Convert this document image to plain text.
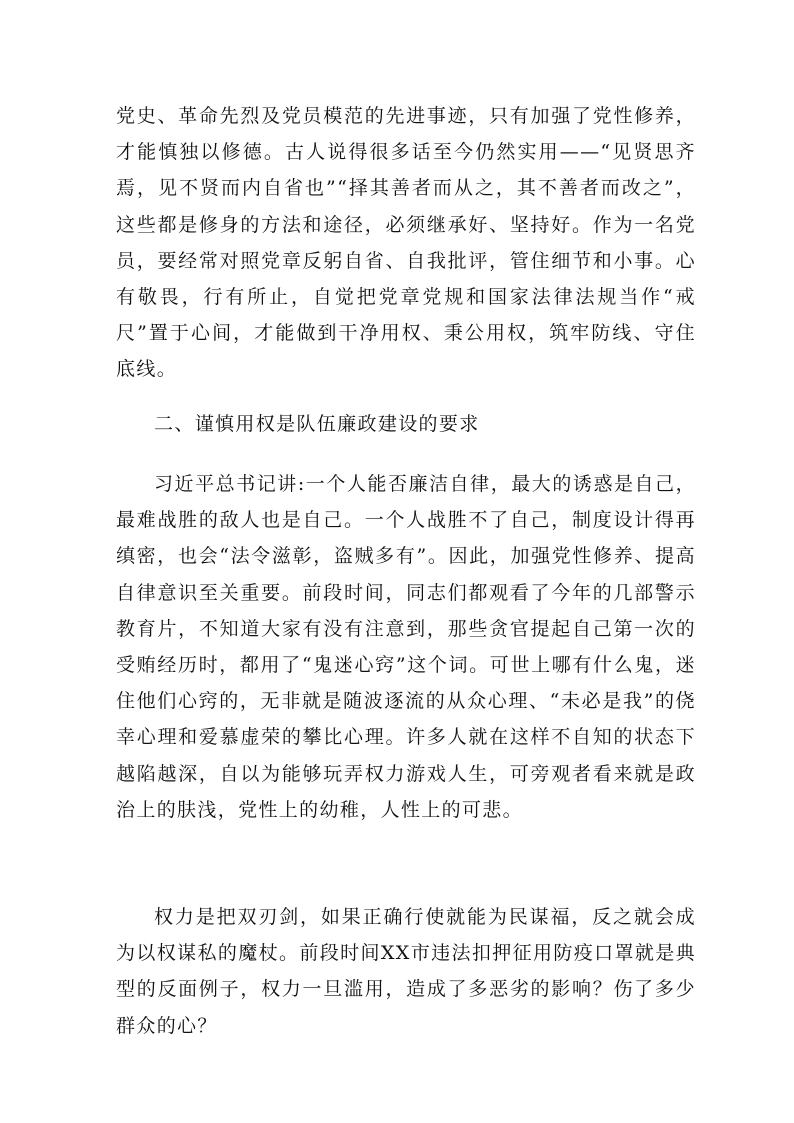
党史、革命先烈及党员模范的先进事迹，只有加强了党性修养，才能慎独以修德。古人说得很多话至今仍然实用——“见贤思齐焉，见不贤而内自省也”“择其善者而从之，其不善者而改之”，这些都是修身的方法和途径，必须继承好、坚持好。作为一名党员，要经常对照党章反躬自省、自我批评，管住细节和小事。心有敬畏，行有所止，自觉把党章党规和国家法律法规当作“戒尺”置于心间，才能做到干净用权、秉公用权，筑牢防线、守住底线。

二、谨慎用权是队伍廉政建设的要求

习近平总书记讲:一个人能否廉洁自律，最大的诱惑是自己，最难战胜的敌人也是自己。一个人战胜不了自己，制度设计得再缜密，也会“法令滋彰，盗贼多有”。因此，加强党性修养、提高自律意识至关重要。前段时间，同志们都观看了今年的几部警示教育片，不知道大家有没有注意到，那些贪官提起自己第一次的受贿经历时，都用了“鬼迷心窍”这个词。可世上哪有什么鬼，迷住他们心窍的，无非就是随波逐流的从众心理、“未必是我”的侥幸心理和爱慕虚荣的攀比心理。许多人就在这样不自知的状态下越陷越深，自以为能够玩弄权力游戏人生，可旁观者看来就是政治上的肤浅，党性上的幼稚，人性上的可悲。

权力是把双刃剑，如果正确行使就能为民谋福，反之就会成为以权谋私的魔杖。前段时间XX市违法扣押征用防疫口罩就是典型的反面例子，权力一旦滥用，造成了多恶劣的影响？伤了多少群众的心？
